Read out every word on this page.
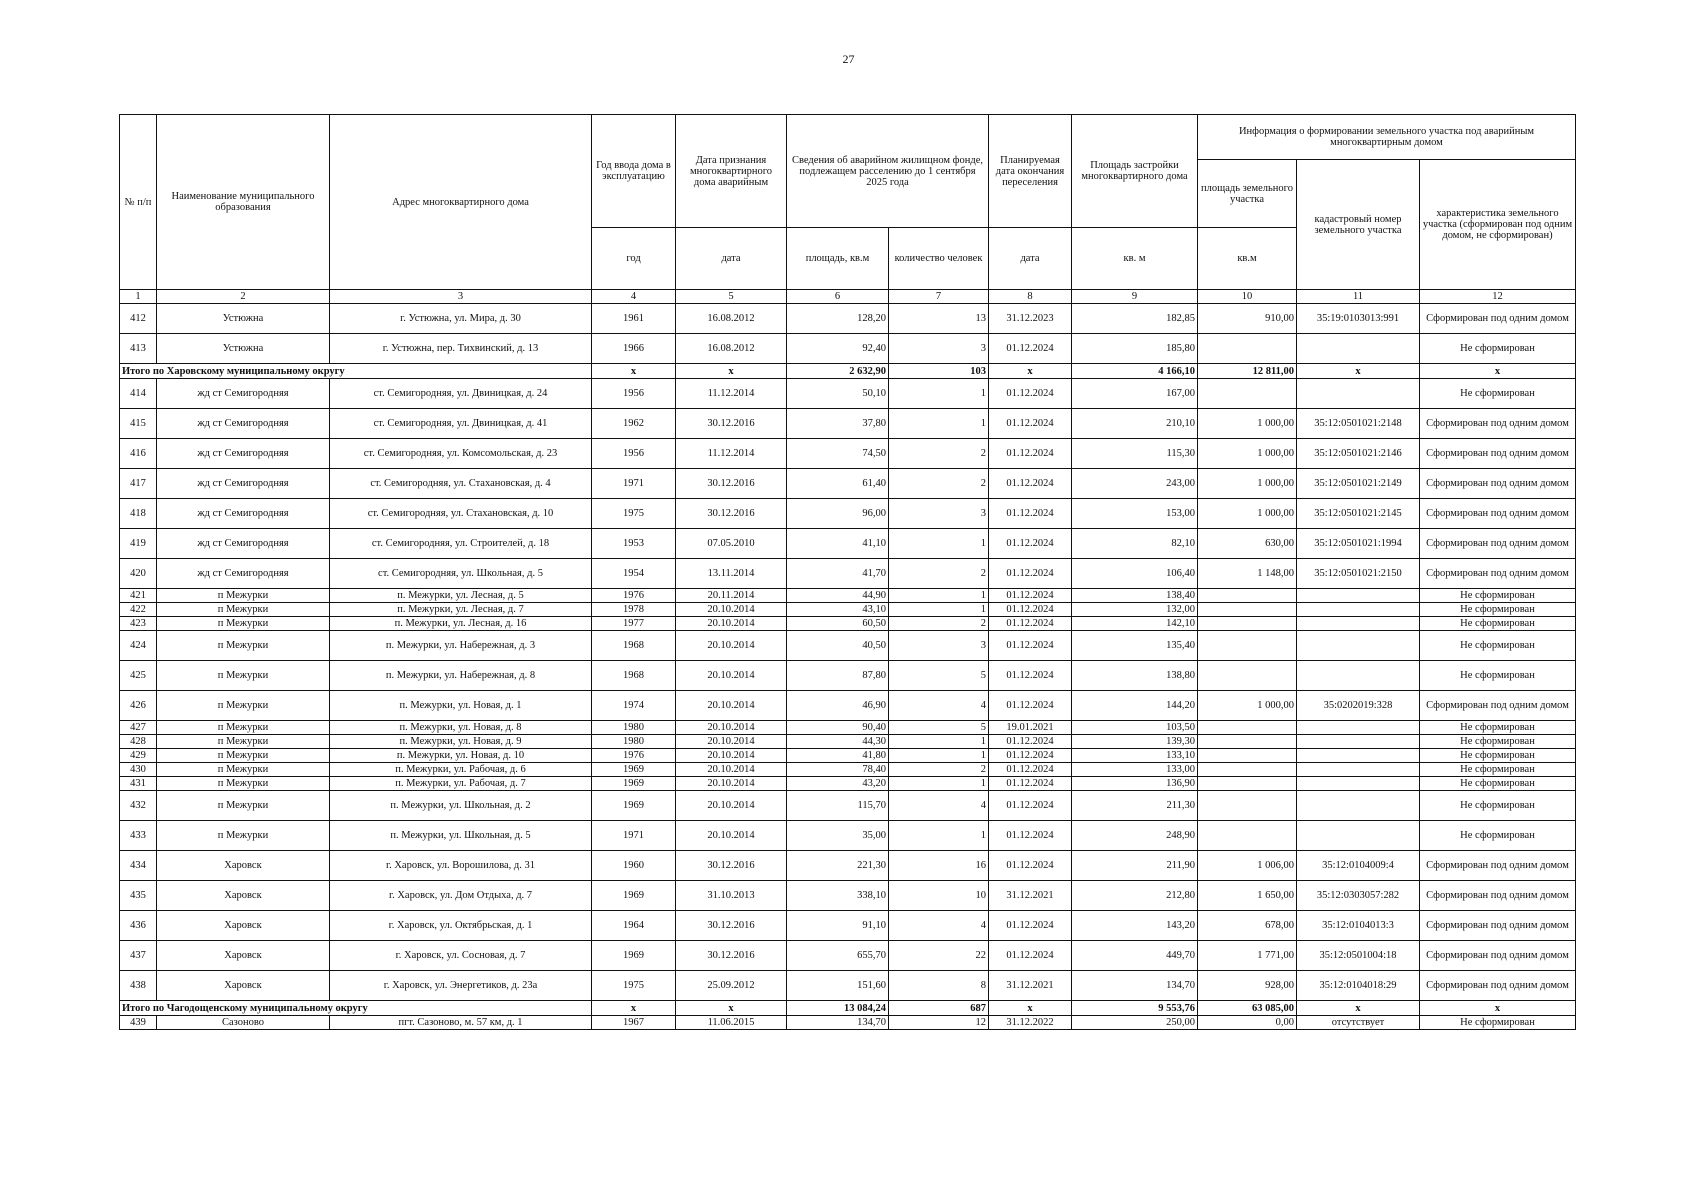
27
№ п/п	Наименование муниципального образования	Адрес многоквартирного дома	Год ввода дома в эксплуатацию	Дата признания многоквартирного дома аварийным	Сведения об аварийном жилищном фонде, подлежащем расселению до 1 сентября 2025 года		Планируемая дата окончания переселения	Площадь застройки многоквартирного дома	Информация о формировании земельного участка под аварийным многоквартирным домом		
									площадь земельного участка	кадастровый номер земельного участка	характеристика земельного участка (сформирован под одним домом, не сформирован)
			год	дата	площадь, кв.м	количество человек	дата	кв. м	кв.м		
1	2	3	4	5	6	7	8	9	10	11	12
412	Устюжна	г. Устюжна, ул. Мира, д. 30	1961	16.08.2012	128,20	13	31.12.2023	182,85	910,00	35:19:0103013:991	Сформирован под одним домом
413	Устюжна	г. Устюжна, пер. Тихвинский, д. 13	1966	16.08.2012	92,40	3	01.12.2024	185,80			Не сформирован
Итого по Харовскому муниципальному округу			х	х	2 632,90	103	х	4 166,10	12 811,00	х	х
414	жд ст Семигородняя	ст. Семигородняя, ул. Двиницкая, д. 24	1956	11.12.2014	50,10	1	01.12.2024	167,00			Не сформирован
415	жд ст Семигородняя	ст. Семигородняя, ул. Двиницкая, д. 41	1962	30.12.2016	37,80	1	01.12.2024	210,10	1 000,00	35:12:0501021:2148	Сформирован под одним домом
416	жд ст Семигородняя	ст. Семигородняя, ул. Комсомольская, д. 23	1956	11.12.2014	74,50	2	01.12.2024	115,30	1 000,00	35:12:0501021:2146	Сформирован под одним домом
417	жд ст Семигородняя	ст. Семигородняя, ул. Стахановская, д. 4	1971	30.12.2016	61,40	2	01.12.2024	243,00	1 000,00	35:12:0501021:2149	Сформирован под одним домом
418	жд ст Семигородняя	ст. Семигородняя, ул. Стахановская, д. 10	1975	30.12.2016	96,00	3	01.12.2024	153,00	1 000,00	35:12:0501021:2145	Сформирован под одним домом
419	жд ст Семигородняя	ст. Семигородняя, ул. Строителей, д. 18	1953	07.05.2010	41,10	1	01.12.2024	82,10	630,00	35:12:0501021:1994	Сформирован под одним домом
420	жд ст Семигородняя	ст. Семигородняя, ул. Школьная, д. 5	1954	13.11.2014	41,70	2	01.12.2024	106,40	1 148,00	35:12:0501021:2150	Сформирован под одним домом
421	п Межурки	п. Межурки, ул. Лесная, д. 5	1976	20.11.2014	44,90	1	01.12.2024	138,40			Не сформирован
422	п Межурки	п. Межурки, ул. Лесная, д. 7	1978	20.10.2014	43,10	1	01.12.2024	132,00			Не сформирован
423	п Межурки	п. Межурки, ул. Лесная, д. 16	1977	20.10.2014	60,50	2	01.12.2024	142,10			Не сформирован
424	п Межурки	п. Межурки, ул. Набережная, д. 3	1968	20.10.2014	40,50	3	01.12.2024	135,40			Не сформирован
425	п Межурки	п. Межурки, ул. Набережная, д. 8	1968	20.10.2014	87,80	5	01.12.2024	138,80			Не сформирован
426	п Межурки	п. Межурки, ул. Новая, д. 1	1974	20.10.2014	46,90	4	01.12.2024	144,20	1 000,00	35:0202019:328	Сформирован под одним домом
427	п Межурки	п. Межурки, ул. Новая, д. 8	1980	20.10.2014	90,40	5	19.01.2021	103,50			Не сформирован
428	п Межурки	п. Межурки, ул. Новая, д. 9	1980	20.10.2014	44,30	1	01.12.2024	139,30			Не сформирован
429	п Межурки	п. Межурки, ул. Новая, д. 10	1976	20.10.2014	41,80	1	01.12.2024	133,10			Не сформирован
430	п Межурки	п. Межурки, ул. Рабочая, д. 6	1969	20.10.2014	78,40	2	01.12.2024	133,00			Не сформирован
431	п Межурки	п. Межурки, ул. Рабочая, д. 7	1969	20.10.2014	43,20	1	01.12.2024	136,90			Не сформирован
432	п Межурки	п. Межурки, ул. Школьная, д. 2	1969	20.10.2014	115,70	4	01.12.2024	211,30			Не сформирован
433	п Межурки	п. Межурки, ул. Школьная, д. 5	1971	20.10.2014	35,00	1	01.12.2024	248,90			Не сформирован
434	Харовск	г. Харовск, ул. Ворошилова, д. 31	1960	30.12.2016	221,30	16	01.12.2024	211,90	1 006,00	35:12:0104009:4	Сформирован под одним домом
435	Харовск	г. Харовск, ул. Дом Отдыха, д. 7	1969	31.10.2013	338,10	10	31.12.2021	212,80	1 650,00	35:12:0303057:282	Сформирован под одним домом
436	Харовск	г. Харовск, ул. Октябрьская, д. 1	1964	30.12.2016	91,10	4	01.12.2024	143,20	678,00	35:12:0104013:3	Сформирован под одним домом
437	Харовск	г. Харовск, ул. Сосновая, д. 7	1969	30.12.2016	655,70	22	01.12.2024	449,70	1 771,00	35:12:0501004:18	Сформирован под одним домом
438	Харовск	г. Харовск, ул. Энергетиков, д. 23а	1975	25.09.2012	151,60	8	31.12.2021	134,70	928,00	35:12:0104018:29	Сформирован под одним домом
Итого по Чагодощенскому муниципальному округу			х	х	13 084,24	687	х	9 553,76	63 085,00	х	х
439	Сазоново	пгт. Сазоново, м. 57 км, д. 1	1967	11.06.2015	134,70	12	31.12.2022	250,00	0,00	отсутствует	Не сформирован
